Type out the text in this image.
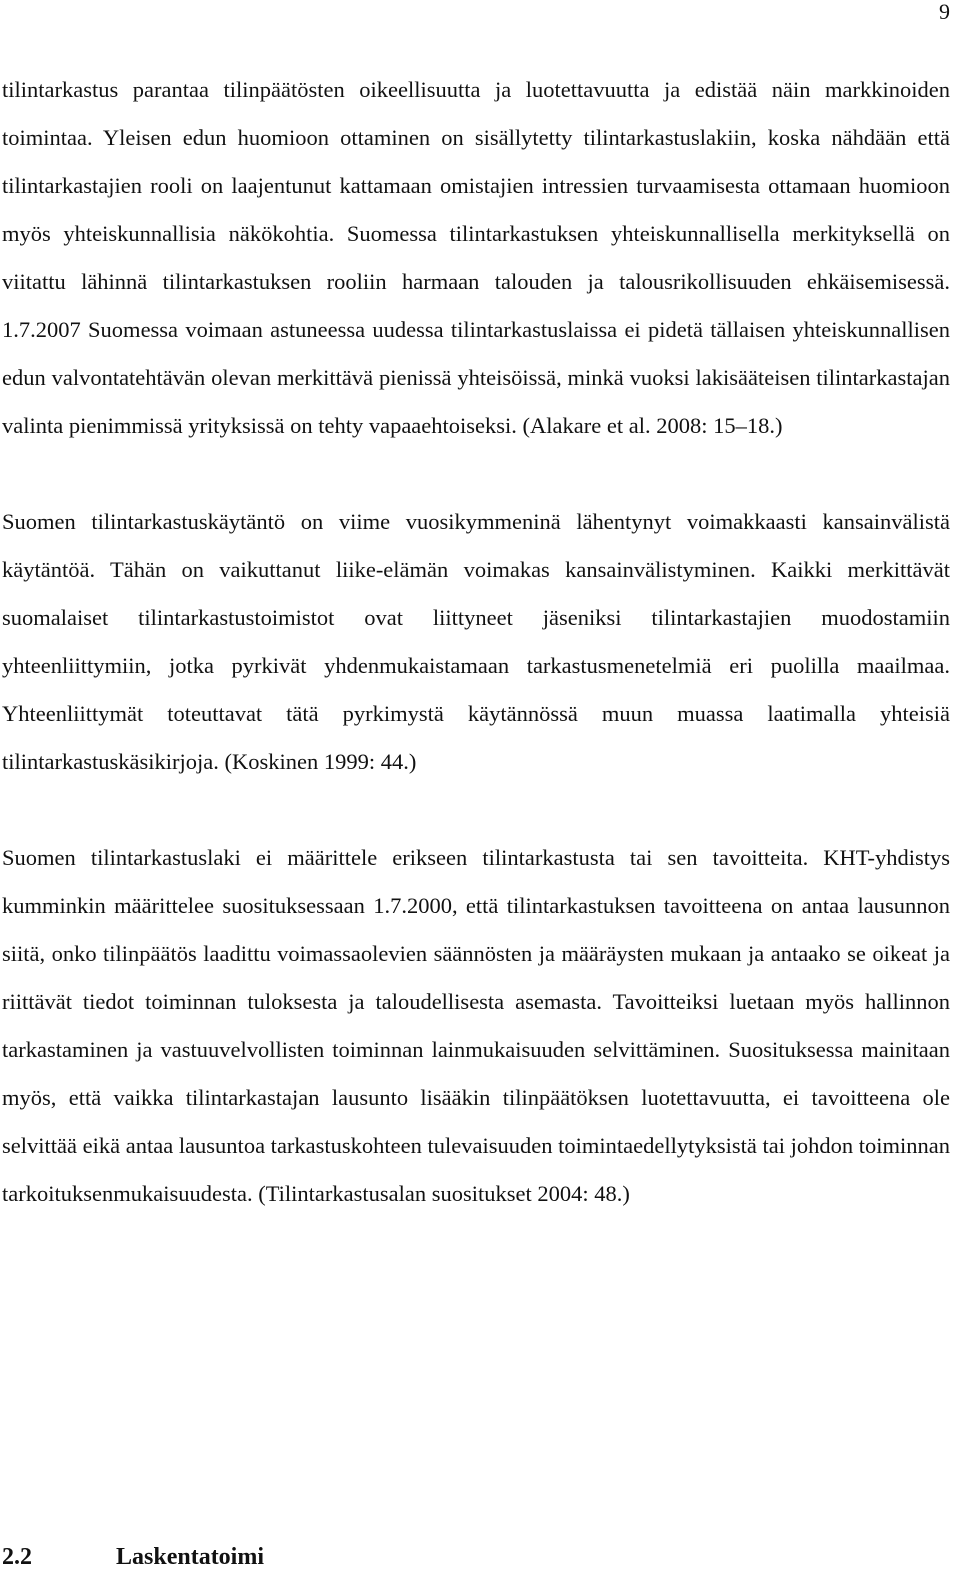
9

tilintarkastus parantaa tilinpäätösten oikeellisuutta ja luotettavuutta ja edistää näin markkinoiden toimintaa. Yleisen edun huomioon ottaminen on sisällytetty tilintarkastuslakiin, koska nähdään että tilintarkastajien rooli on laajentunut kattamaan omistajien intressien turvaamisesta ottamaan huomioon myös yhteiskunnallisia näkökohtia. Suomessa tilintarkastuksen yhteiskunnallisella merkityksellä on viitattu lähinnä tilintarkastuksen rooliin harmaan talouden ja talousrikollisuuden ehkäisemisessä. 1.7.2007 Suomessa voimaan astuneessa uudessa tilintarkastuslaissa ei pidetä tällaisen yhteiskunnallisen edun valvontatehtävän olevan merkittävä pienissä yhteisöissä, minkä vuoksi lakisääteisen tilintarkastajan valinta pienimmissä yrityksissä on tehty vapaaehtoiseksi. (Alakare et al. 2008: 15–18.)

Suomen tilintarkastuskäytäntö on viime vuosikymmeninä lähentynyt voimakkaasti kansainvälistä käytäntöä. Tähän on vaikuttanut liike-elämän voimakas kansainvälistyminen. Kaikki merkittävät suomalaiset tilintarkastustoimistot ovat liittyneet jäseniksi tilintarkastajien muodostamiin yhteenliittymiin, jotka pyrkivät yhdenmukaistamaan tarkastusmenetelmiä eri puolilla maailmaa. Yhteenliittymät toteuttavat tätä pyrkimystä käytännössä muun muassa laatimalla yhteisiä tilintarkastuskäsikirjoja. (Koskinen 1999: 44.)

Suomen tilintarkastuslaki ei määrittele erikseen tilintarkastusta tai sen tavoitteita. KHT-yhdistys kumminkin määrittelee suosituksessaan 1.7.2000, että tilintarkastuksen tavoitteena on antaa lausunnon siitä, onko tilinpäätös laadittu voimassaolevien säännösten ja määräysten mukaan ja antaako se oikeat ja riittävät tiedot toiminnan tuloksesta ja taloudellisesta asemasta. Tavoitteiksi luetaan myös hallinnon tarkastaminen ja vastuuvelvollisten toiminnan lainmukaisuuden selvittäminen. Suosituksessa mainitaan myös, että vaikka tilintarkastajan lausunto lisääkin tilinpäätöksen luotettavuutta, ei tavoitteena ole selvittää eikä antaa lausuntoa tarkastuskohteen tulevaisuuden toimintaedellytyksistä tai johdon toiminnan tarkoituksenmukaisuudesta. (Tilintarkastusalan suositukset 2004: 48.)

2.2	Laskentatoimi
